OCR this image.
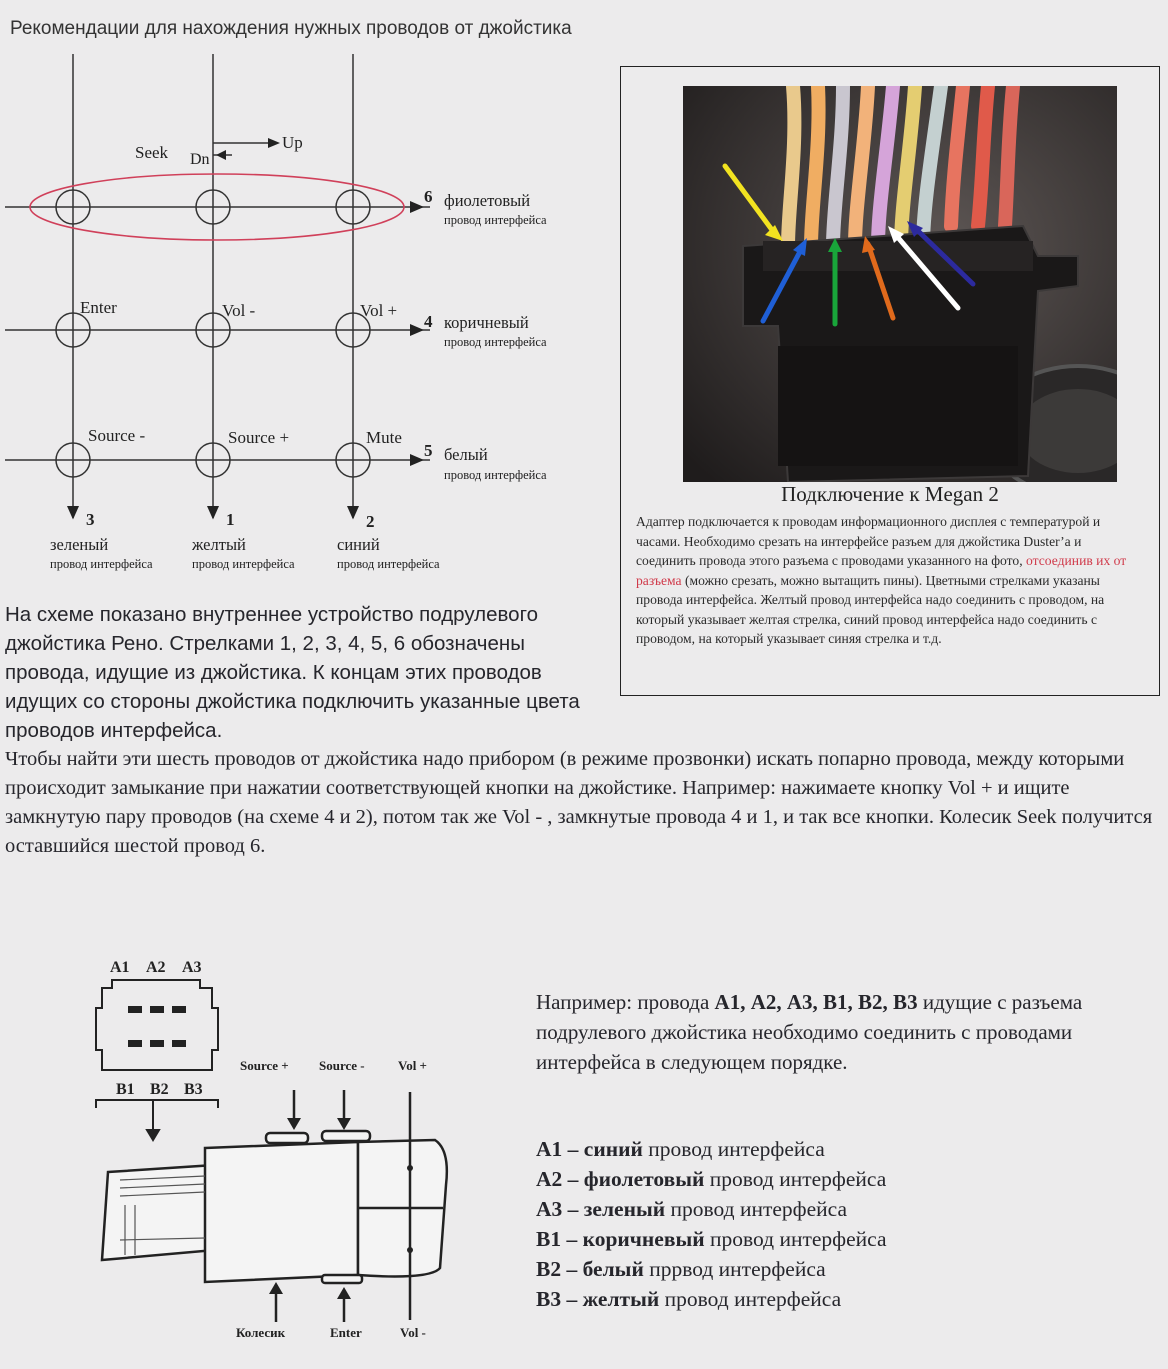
Рекомендации для нахождения нужных проводов от джойстика
Seek Dn
Up
Enter	Vol -	Vol +
Source -	Source +	Mute
6 фиолетовый
провод интерфейса
4 коричневый
провод интерфейса
5 белый
провод интерфейса
3
зеленый
провод интерфейса
1
желтый
провод интерфейса
2
синий
провод интерфейса
Подключение к Megan 2
Адаптер подключается к проводам информационного дисплея с температурой и часами. Необходимо срезать на интерфейсе разъем для джойстика Duster’a и соединить провода этого разъема с проводами указанного на фото, отсоединив их от разъема (можно срезать, можно вытащить пины). Цветными стрелками указаны провода интерфейса. Желтый провод интерфейса надо соединить с проводом, на который указывает желтая стрелка, синий провод интерфейса надо соединить с проводом, на который указывает синяя стрелка и т.д.
На схеме показано внутреннее устройство подрулевого джойстика Рено. Стрелками 1, 2, 3, 4, 5, 6 обозначены провода, идущие из джойстика. К концам этих проводов идущих со стороны джойстика подключить указанные цвета проводов интерфейса.
Чтобы найти эти шесть проводов от джойстика надо прибором (в режиме прозвонки) искать попарно провода, между которыми происходит замыкание при нажатии соответствующей кнопки на джойстике. Например: нажимаете кнопку Vol + и ищите замкнутую пару проводов (на схеме 4 и 2), потом так же Vol - , замкнутые провода 4 и 1, и так все кнопки. Колесик Seek получится оставшийся шестой провод 6.
A1 A2 A3
B1 B2 B3
Source + Source -	Vol +
Колесик	Enter	Vol -
Например: провода А1, А2, А3, В1, В2, В3 идущие с разъема подрулевого джойстика необходимо соединить с проводами интерфейса в следующем порядке.
А1 – синий провод интерфейса
А2 – фиолетовый провод интерфейса
А3 – зеленый провод интерфейса
В1 – коричневый провод интерфейса
В2 – белый пррвод интерфейса
В3 – желтый провод интерфейса
